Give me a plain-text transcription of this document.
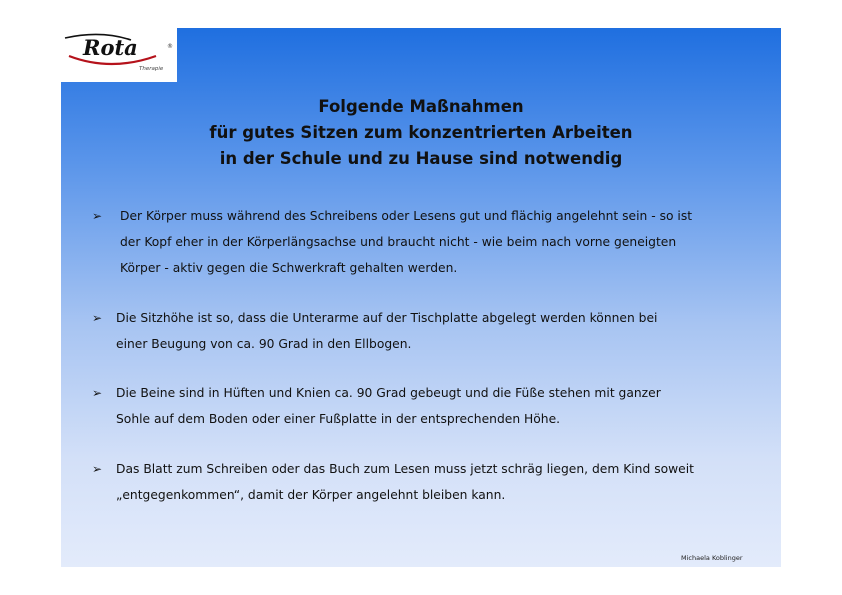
Rota	®
Therapie
Folgende Maßnahmen
für gutes Sitzen zum konzentrierten Arbeiten
in der Schule und zu Hause sind notwendig
➢ Der Körper muss während des Schreibens oder Lesens gut und flächig angelehnt sein - so ist
der Kopf eher in der Körperlängsachse und braucht nicht - wie beim nach vorne geneigten
Körper - aktiv gegen die Schwerkraft gehalten werden.
➢ Die Sitzhöhe ist so, dass die Unterarme auf der Tischplatte abgelegt werden können bei
einer Beugung von ca. 90 Grad in den Ellbogen.
➢ Die Beine sind in Hüften und Knien ca. 90 Grad gebeugt und die Füße stehen mit ganzer
Sohle auf dem Boden oder einer Fußplatte in der entsprechenden Höhe.
➢ Das Blatt zum Schreiben oder das Buch zum Lesen muss jetzt schräg liegen, dem Kind soweit
„entgegenkommen“, damit der Körper angelehnt bleiben kann.
Michaela Koblinger
